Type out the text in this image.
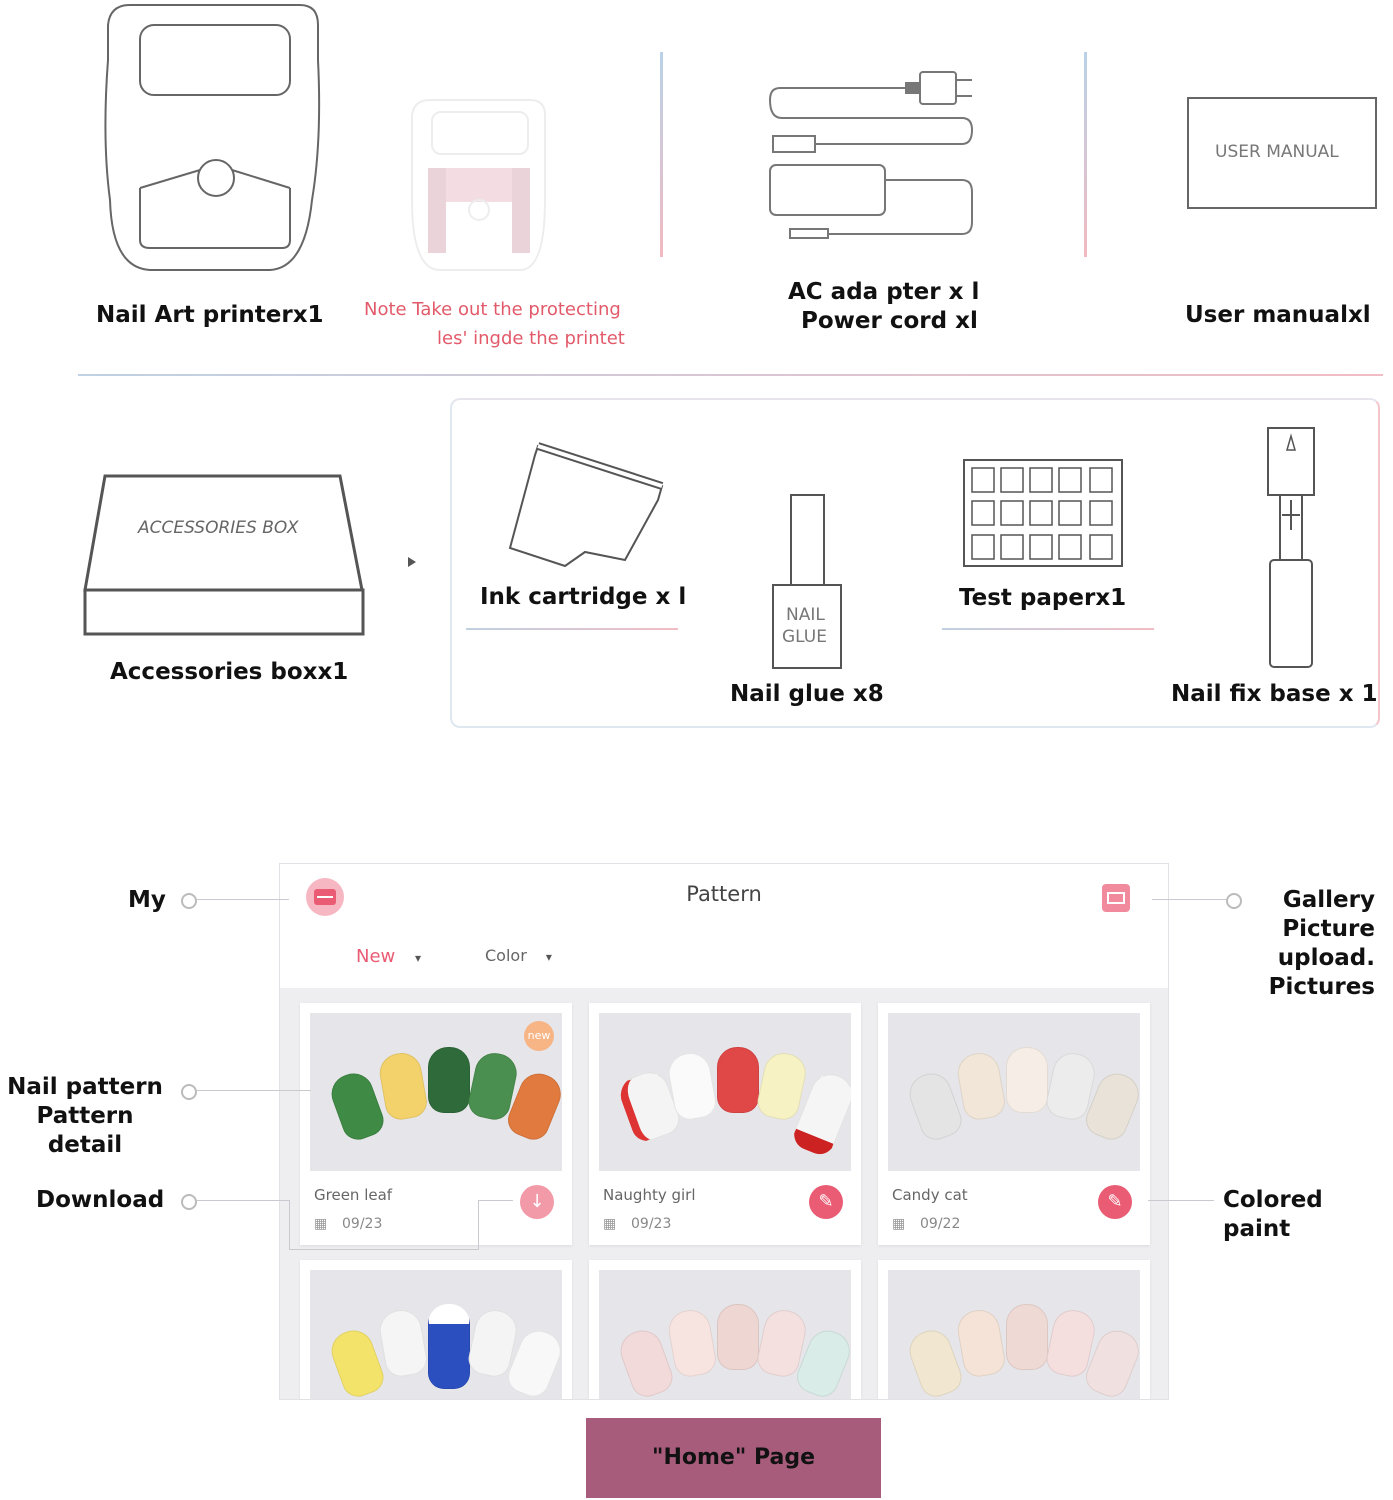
Nail Art printerx1 Note Take out the protecting
les' ingde the printet
AC ada pter x l
Power cord xl
USER MANUAL
User manualxl
ACCESSORIES BOX
Accessories boxx1
Ink cartridge x l
NAIL
GLUE
Nail glue x8
Test paperx1
Nail fix base x 1
Pattern
New ▾	Color ▾
new
Green leaf
▦ 09/23
↓	Naughty girl
▦ 09/23
✎	Candy cat
▦ 09/22
✎
My	Gallery
Picture upload.
Pictures
Nail pattern
Pattern detail
Download	Colored paint
"Home" Page
